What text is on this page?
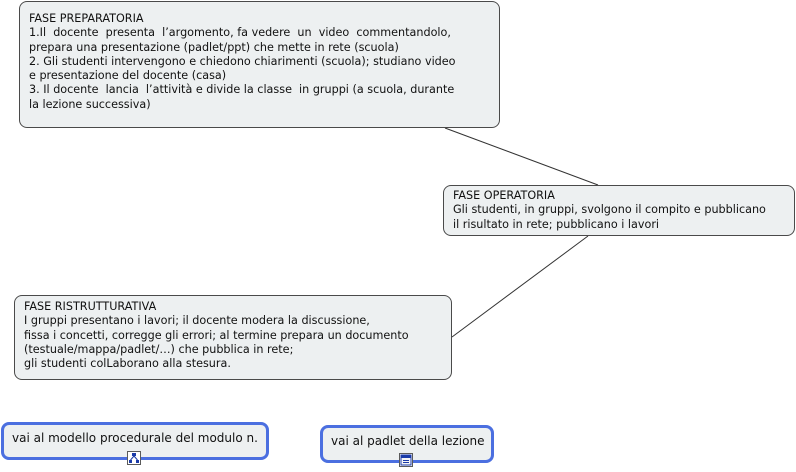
FASE PREPARATORIA
1.Il  docente  presenta  l’argomento, fa vedere  un  video  commentandolo,
prepara una presentazione (padlet/ppt) che mette in rete (scuola)
2. Gli studenti intervengono e chiedono chiarimenti (scuola); studiano video
e presentazione del docente (casa)
3. Il docente  lancia  l’attività e divide la classe  in gruppi (a scuola, durante
la lezione successiva)
FASE OPERATORIA
Gli studenti, in gruppi, svolgono il compito e pubblicano
il risultato in rete; pubblicano i lavori
FASE RISTRUTTURATIVA
I gruppi presentano i lavori; il docente modera la discussione,
fissa i concetti, corregge gli errori; al termine prepara un documento
(testuale/mappa/padlet/…) che pubblica in rete;
gli studenti colLaborano alla stesura.
vai al modello procedurale del modulo n.	vai al padlet della lezione
